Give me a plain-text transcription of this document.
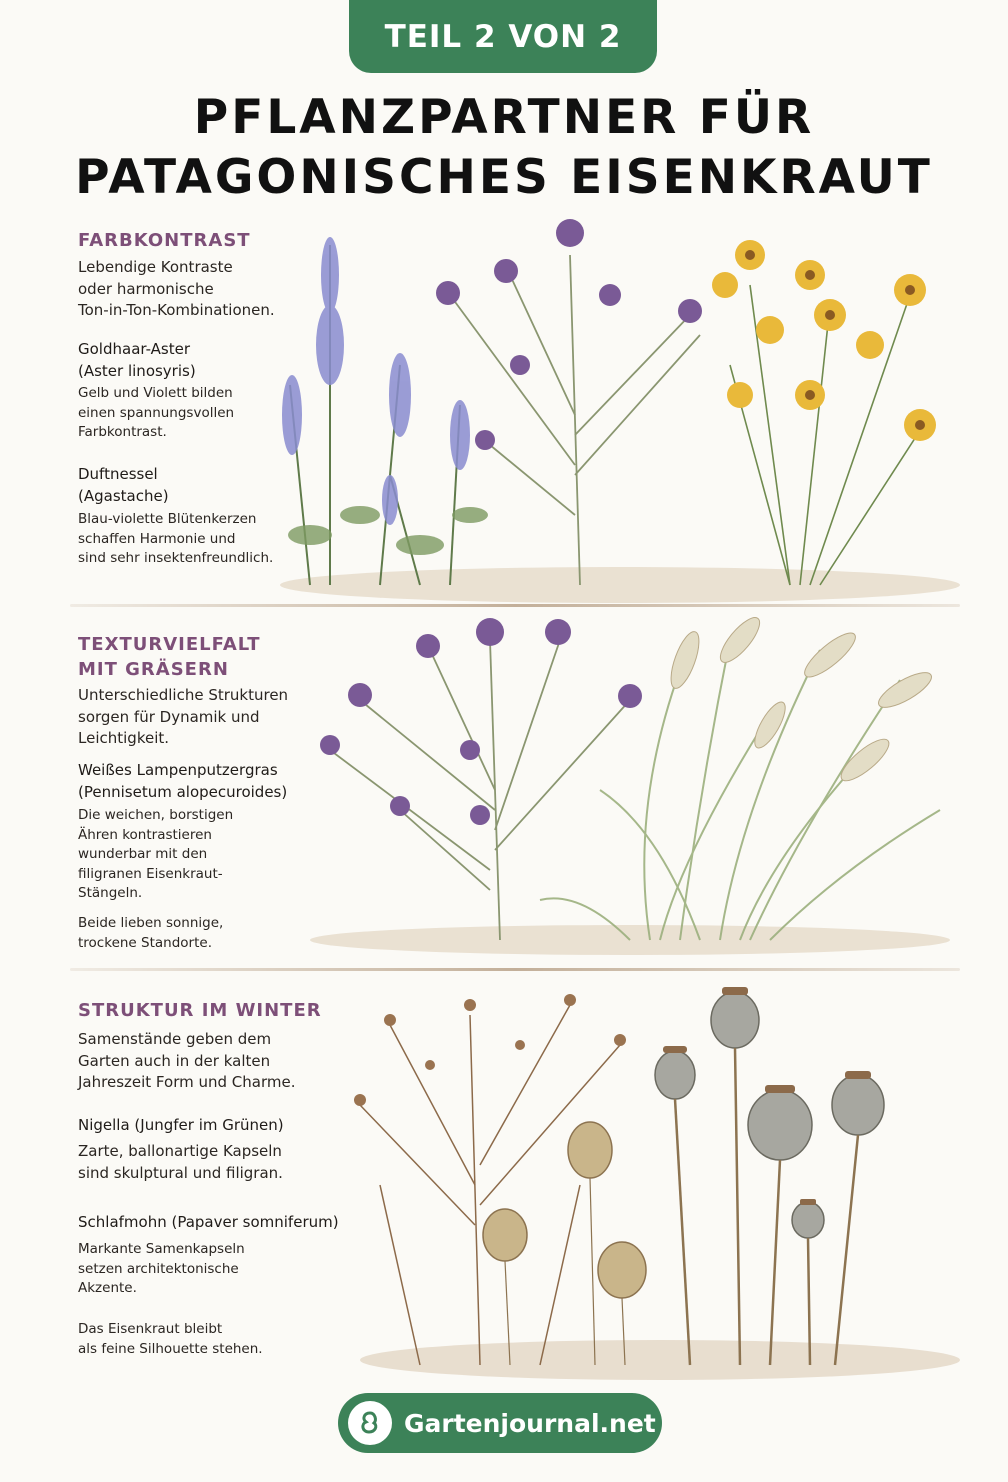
TEIL 2 VON 2
PFLANZPARTNER FÜR
PATAGONISCHES EISENKRAUT
FARBKONTRAST
Lebendige Kontraste
oder harmonische
Ton-in-Ton-Kombinationen.
Goldhaar-Aster
(Aster linosyris)
Gelb und Violett bilden
einen spannungsvollen
Farbkontrast.
Duftnessel
(Agastache)
Blau-violette Blütenkerzen
schaffen Harmonie und
sind sehr insektenfreundlich.
TEXTURVIELFALT
MIT GRÄSERN
Unterschiedliche Strukturen
sorgen für Dynamik und
Leichtigkeit.
Weißes Lampenputzergras
(Pennisetum alopecuroides)
Die weichen, borstigen
Ähren kontrastieren
wunderbar mit den
filigranen Eisenkraut-
Stängeln.
Beide lieben sonnige,
trockene Standorte.
STRUKTUR IM WINTER
Samenstände geben dem
Garten auch in der kalten
Jahreszeit Form und Charme.
Nigella (Jungfer im Grünen)
Zarte, ballonartige Kapseln
sind skulptural und filigran.
Schlafmohn (Papaver somniferum)
Markante Samenkapseln
setzen architektonische
Akzente.
Das Eisenkraut bleibt
als feine Silhouette stehen.
Gartenjournal.net
